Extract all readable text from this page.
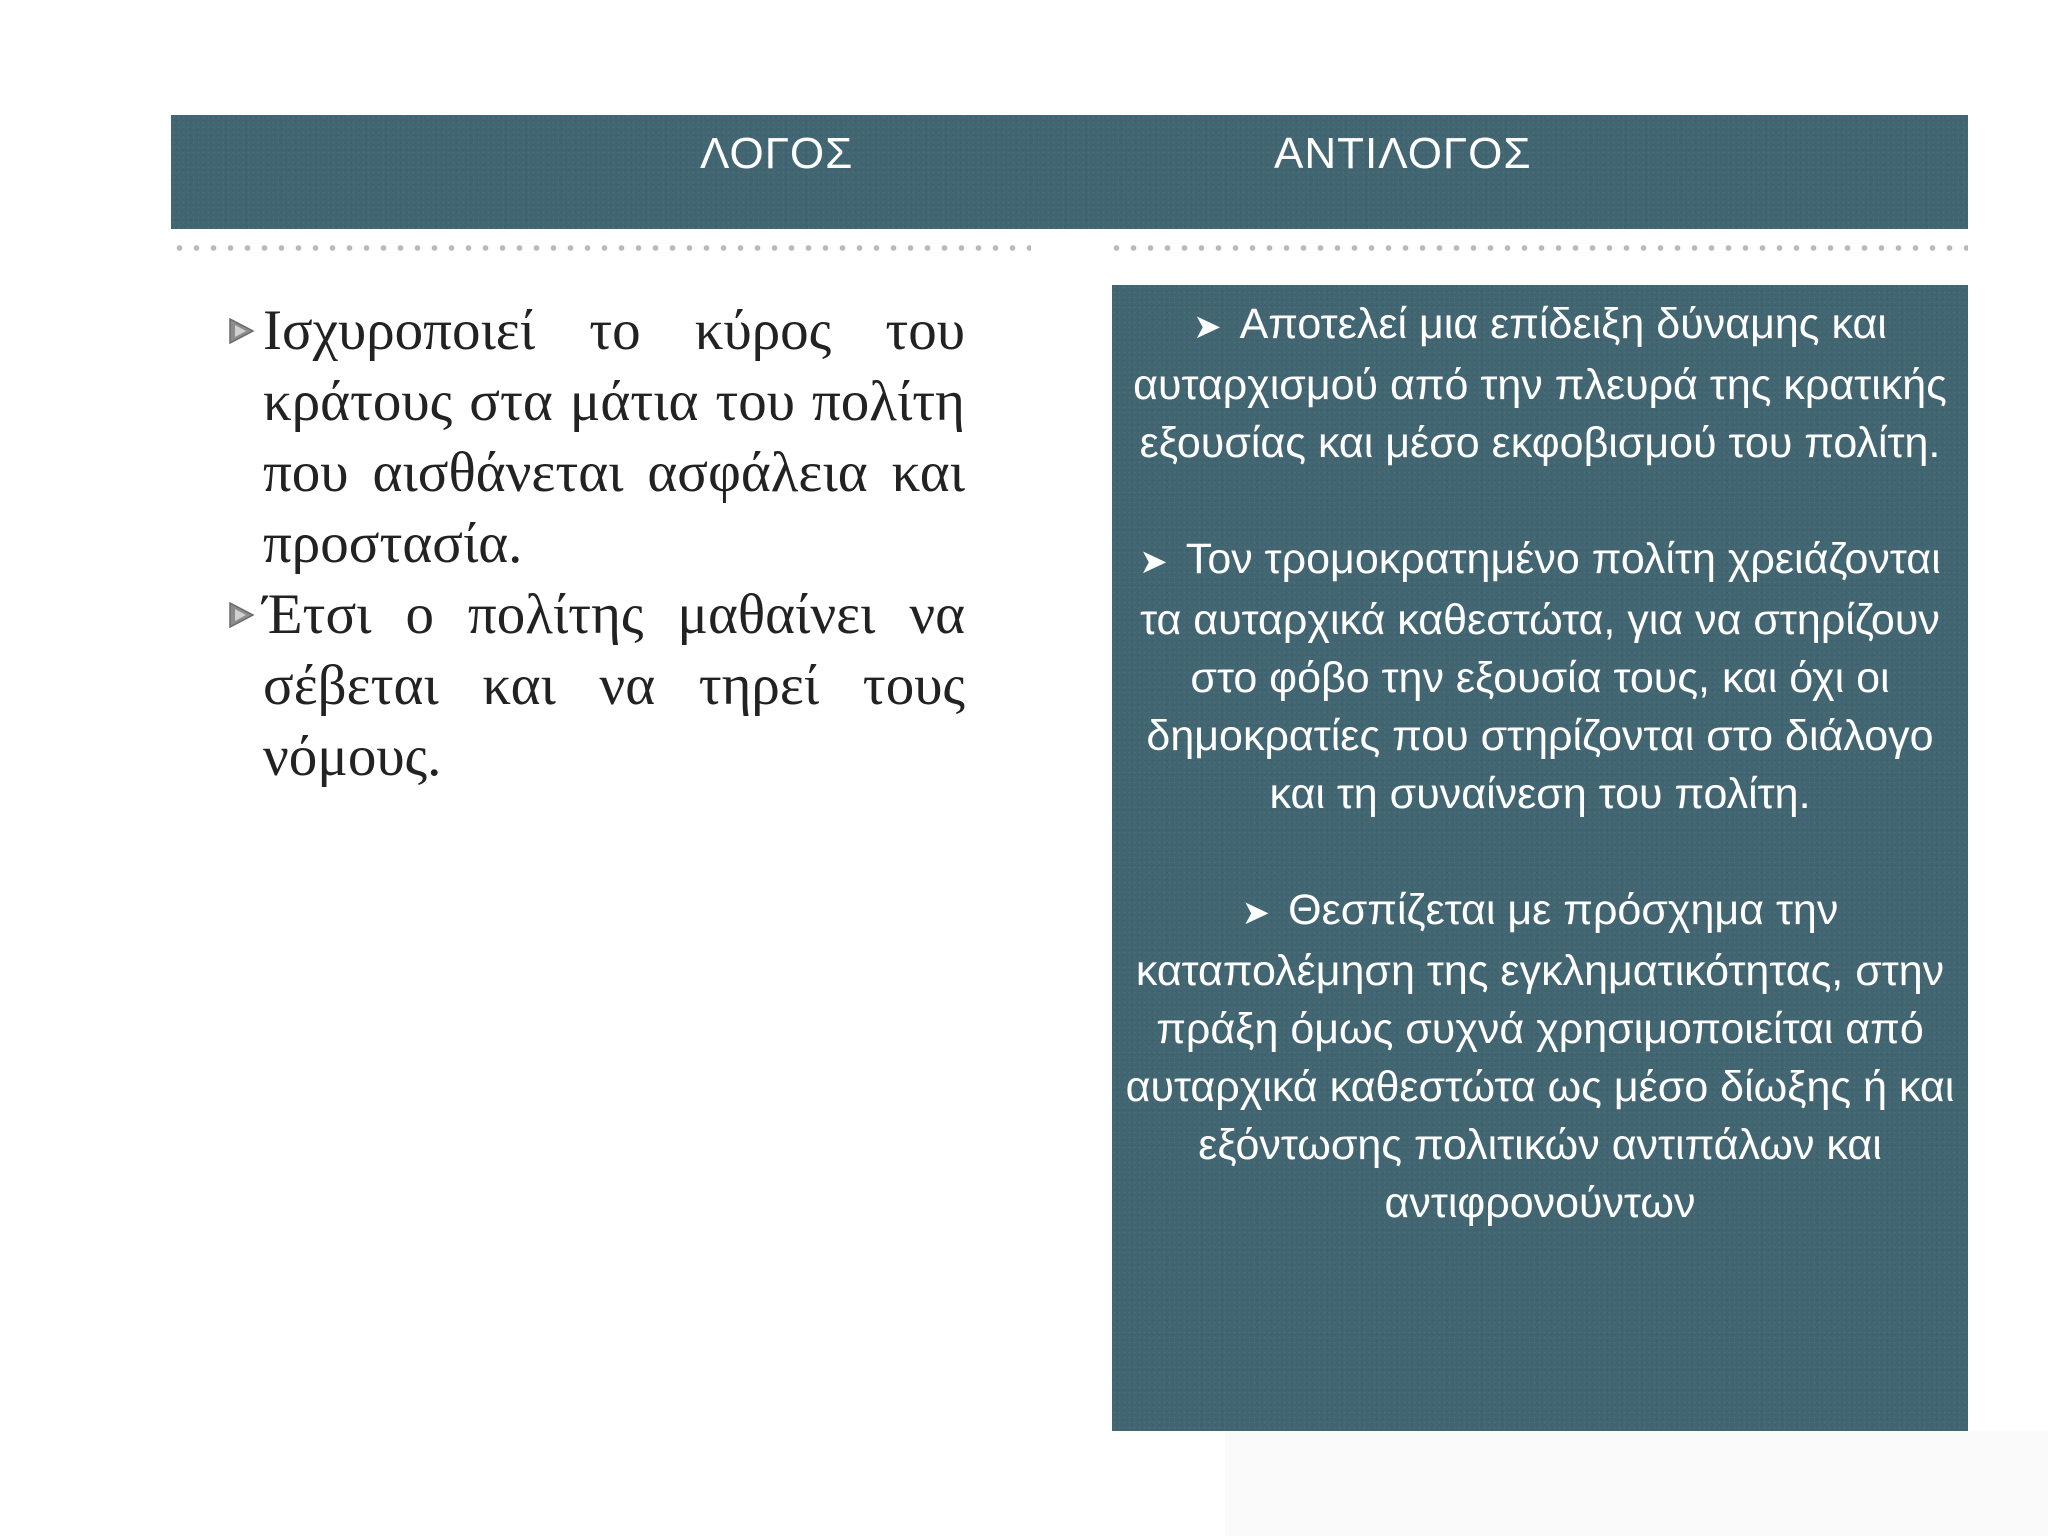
ΛΟΓΟΣ	ΑΝΤΙΛΟΓΟΣ

Ισχυροποιεί το κύρος του κράτους στα μάτια του πολίτη που αισθάνεται ασφάλεια και προστασία.

Έτσι ο πολίτης μαθαίνει να σέβεται και να τηρεί τους νόμους.

➤ Αποτελεί μια επίδειξη δύναμης και αυταρχισμού από την πλευρά της κρατικής εξουσίας και μέσο εκφοβισμού του πολίτη.

➤ Τον τρομοκρατημένο πολίτη χρειάζονται τα αυταρχικά καθεστώτα, για να στηρίζουν στο φόβο την εξουσία τους, και όχι οι δημοκρατίες που στηρίζονται στο διάλογο και τη συναίνεση του πολίτη.

➤ Θεσπίζεται με πρόσχημα την καταπολέμηση της εγκληματικότητας, στην πράξη όμως συχνά χρησιμοποιείται από αυταρχικά καθεστώτα ως μέσο δίωξης ή και εξόντωσης πολιτικών αντιπάλων και αντιφρονούντων
